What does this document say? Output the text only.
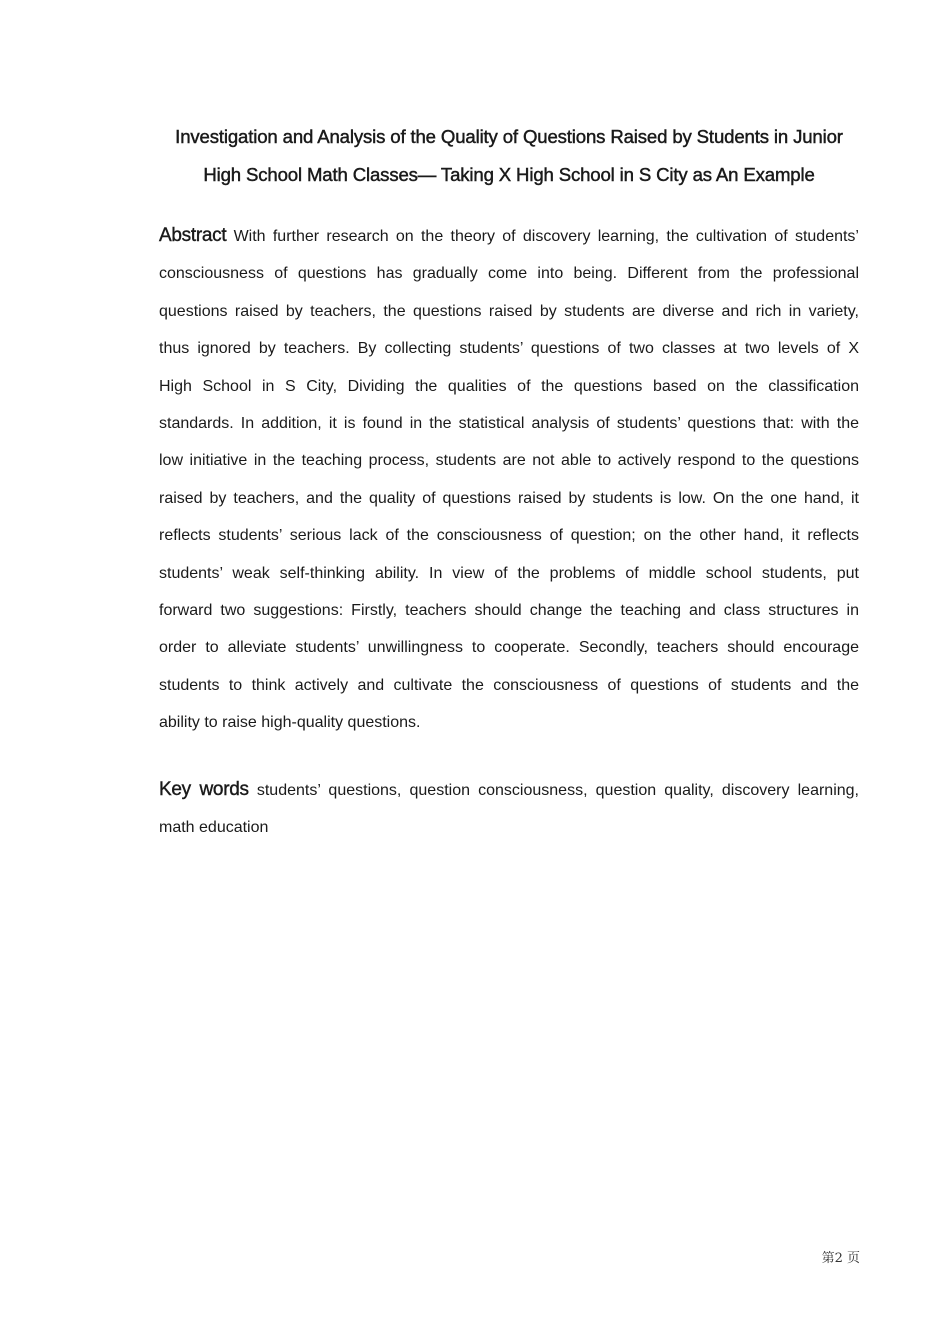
Investigation and Analysis of the Quality of Questions Raised by Students in Junior
High School Math Classes— Taking X High School in S City as An Example
Abstract With further research on the theory of discovery learning, the cultivation of students’
consciousness of questions has gradually come into being. Different from the professional
questions raised by teachers, the questions raised by students are diverse and rich in variety,
thus ignored by teachers. By collecting students’ questions of two classes at two levels of X
High School in S City, Dividing the qualities of the questions based on the classification
standards. In addition, it is found in the statistical analysis of students’ questions that: with the
low initiative in the teaching process, students are not able to actively respond to the questions
raised by teachers, and the quality of questions raised by students is low. On the one hand, it
reflects students’ serious lack of the consciousness of question; on the other hand, it reflects
students’ weak self-thinking ability. In view of the problems of middle school students, put
forward two suggestions: Firstly, teachers should change the teaching and class structures in
order to alleviate students’ unwillingness to cooperate. Secondly, teachers should encourage
students to think actively and cultivate the consciousness of questions of students and the
ability to raise high-quality questions.
Key words students’ questions, question consciousness, question quality, discovery learning,
math education
第2 页
